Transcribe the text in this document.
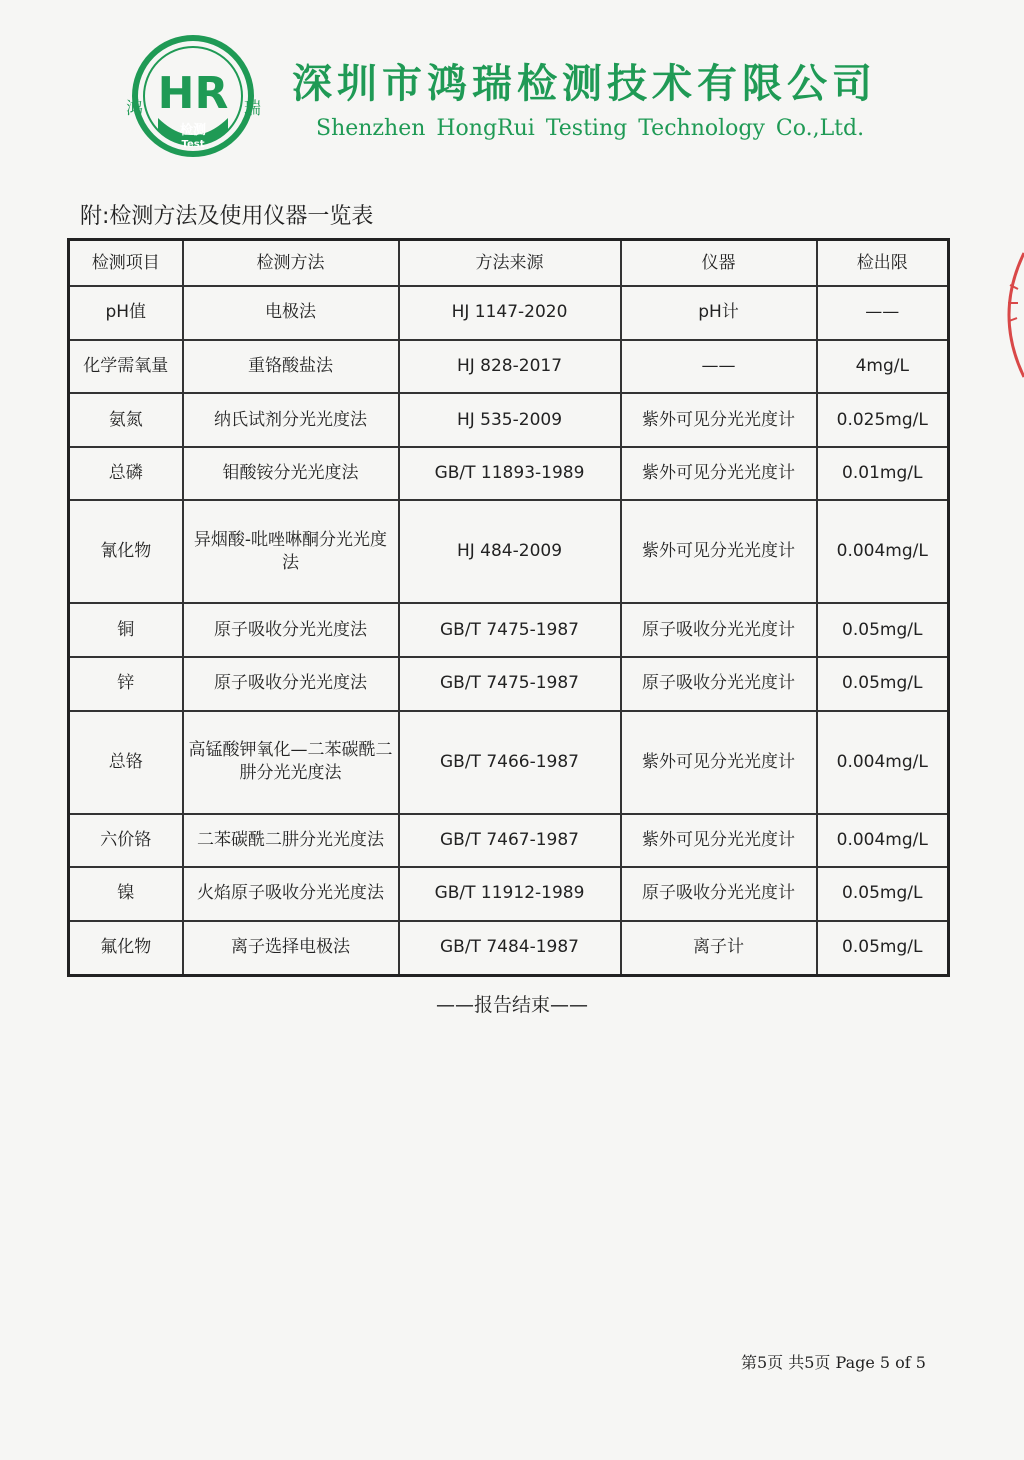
HR
鸿	瑞
检测
Test
深圳市鸿瑞检测技术有限公司
Shenzhen HongRui Testing Technology Co.,Ltd.
附:检测方法及使用仪器一览表
检测项目	检测方法	方法来源	仪器	检出限
pH值	电极法	HJ 1147-2020	pH计	——
化学需氧量	重铬酸盐法	HJ 828-2017	——	4mg/L
氨氮	纳氏试剂分光光度法	HJ 535-2009	紫外可见分光光度计	0.025mg/L
总磷	钼酸铵分光光度法	GB/T 11893-1989	紫外可见分光光度计	0.01mg/L
氰化物	异烟酸-吡唑啉酮分光光度法	HJ 484-2009	紫外可见分光光度计	0.004mg/L
铜	原子吸收分光光度法	GB/T 7475-1987	原子吸收分光光度计	0.05mg/L
锌	原子吸收分光光度法	GB/T 7475-1987	原子吸收分光光度计	0.05mg/L
总铬	高锰酸钾氧化—二苯碳酰二肼分光光度法	GB/T 7466-1987	紫外可见分光光度计	0.004mg/L
六价铬	二苯碳酰二肼分光光度法	GB/T 7467-1987	紫外可见分光光度计	0.004mg/L
镍	火焰原子吸收分光光度法	GB/T 11912-1989	原子吸收分光光度计	0.05mg/L
氟化物	离子选择电极法	GB/T 7484-1987	离子计	0.05mg/L
——报告结束——
第5页 共5页 Page 5 of 5
